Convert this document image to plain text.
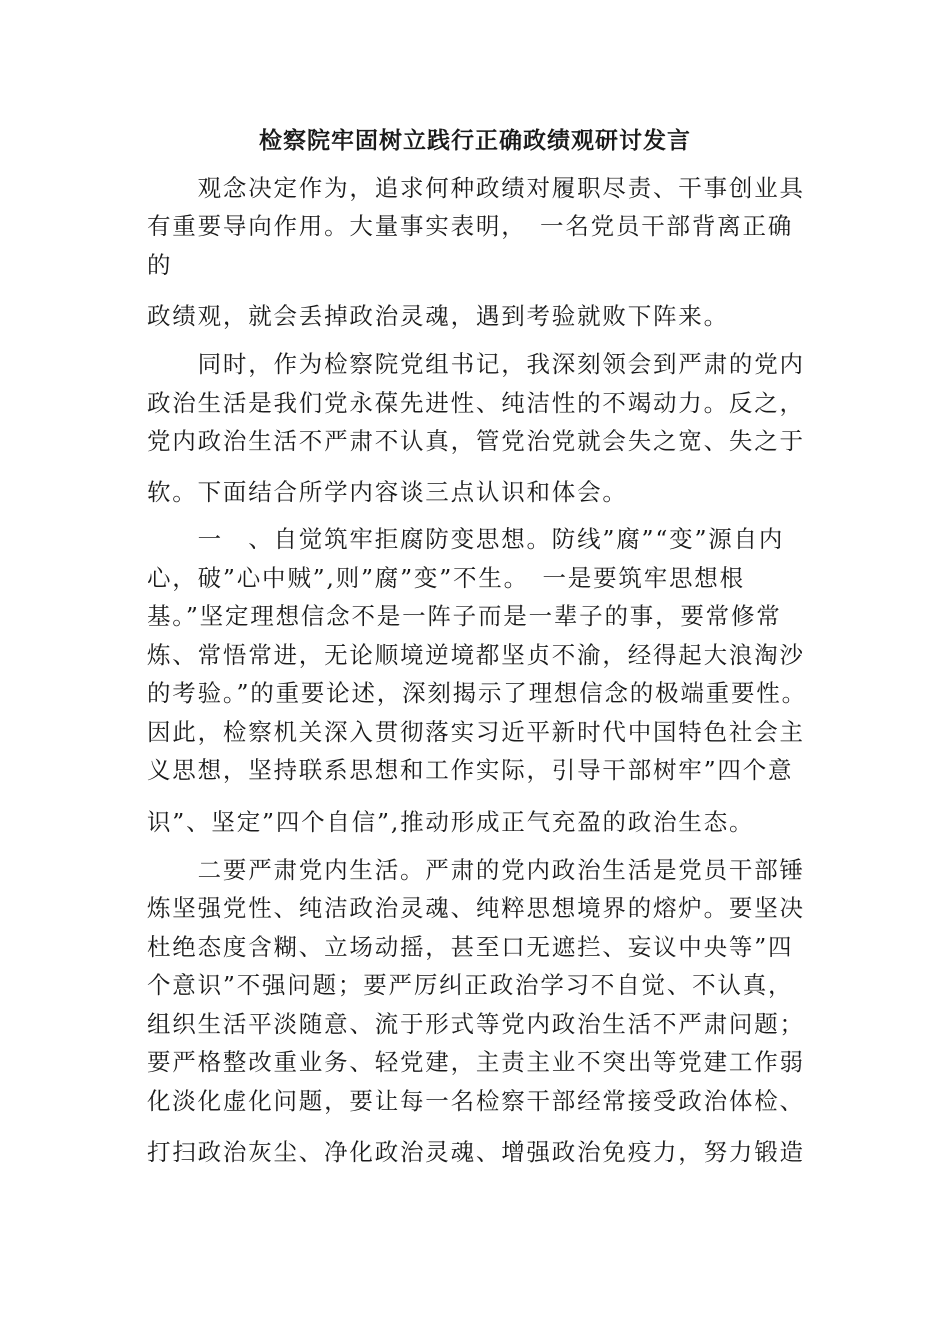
检察院牢固树立践行正确政绩观研讨发言
　　观念决定作为，追求何种政绩对履职尽责、干事创业具
有重要导向作用。大量事实表明，　一名党员干部背离正确
的
政绩观，就会丢掉政治灵魂，遇到考验就败下阵来。
　　同时，作为检察院党组书记，我深刻领会到严肃的党内
政治生活是我们党永葆先进性、纯洁性的不竭动力。反之，
党内政治生活不严肃不认真，管党治党就会失之宽、失之于
软。下面结合所学内容谈三点认识和体会。
　　一　、自觉筑牢拒腐防变思想。防线”腐”“变”源自内
心，破”心中贼”,则”腐”变”不生。　一是要筑牢思想根
基。”坚定理想信念不是一阵子而是一辈子的事，要常修常
炼、常悟常进，无论顺境逆境都坚贞不渝，经得起大浪淘沙
的考验。”的重要论述，深刻揭示了理想信念的极端重要性。
因此，检察机关深入贯彻落实习近平新时代中国特色社会主
义思想，坚持联系思想和工作实际，引导干部树牢”四个意
识”、坚定”四个自信”,推动形成正气充盈的政治生态。
　　二要严肃党内生活。严肃的党内政治生活是党员干部锤
炼坚强党性、纯洁政治灵魂、纯粹思想境界的熔炉。要坚决
杜绝态度含糊、立场动摇，甚至口无遮拦、妄议中央等”四
个意识”不强问题；要严厉纠正政治学习不自觉、不认真，
组织生活平淡随意、流于形式等党内政治生活不严肃问题；
要严格整改重业务、轻党建，主责主业不突出等党建工作弱
化淡化虚化问题，要让每一名检察干部经常接受政治体检、
打扫政治灰尘、净化政治灵魂、增强政治免疫力，努力锻造
